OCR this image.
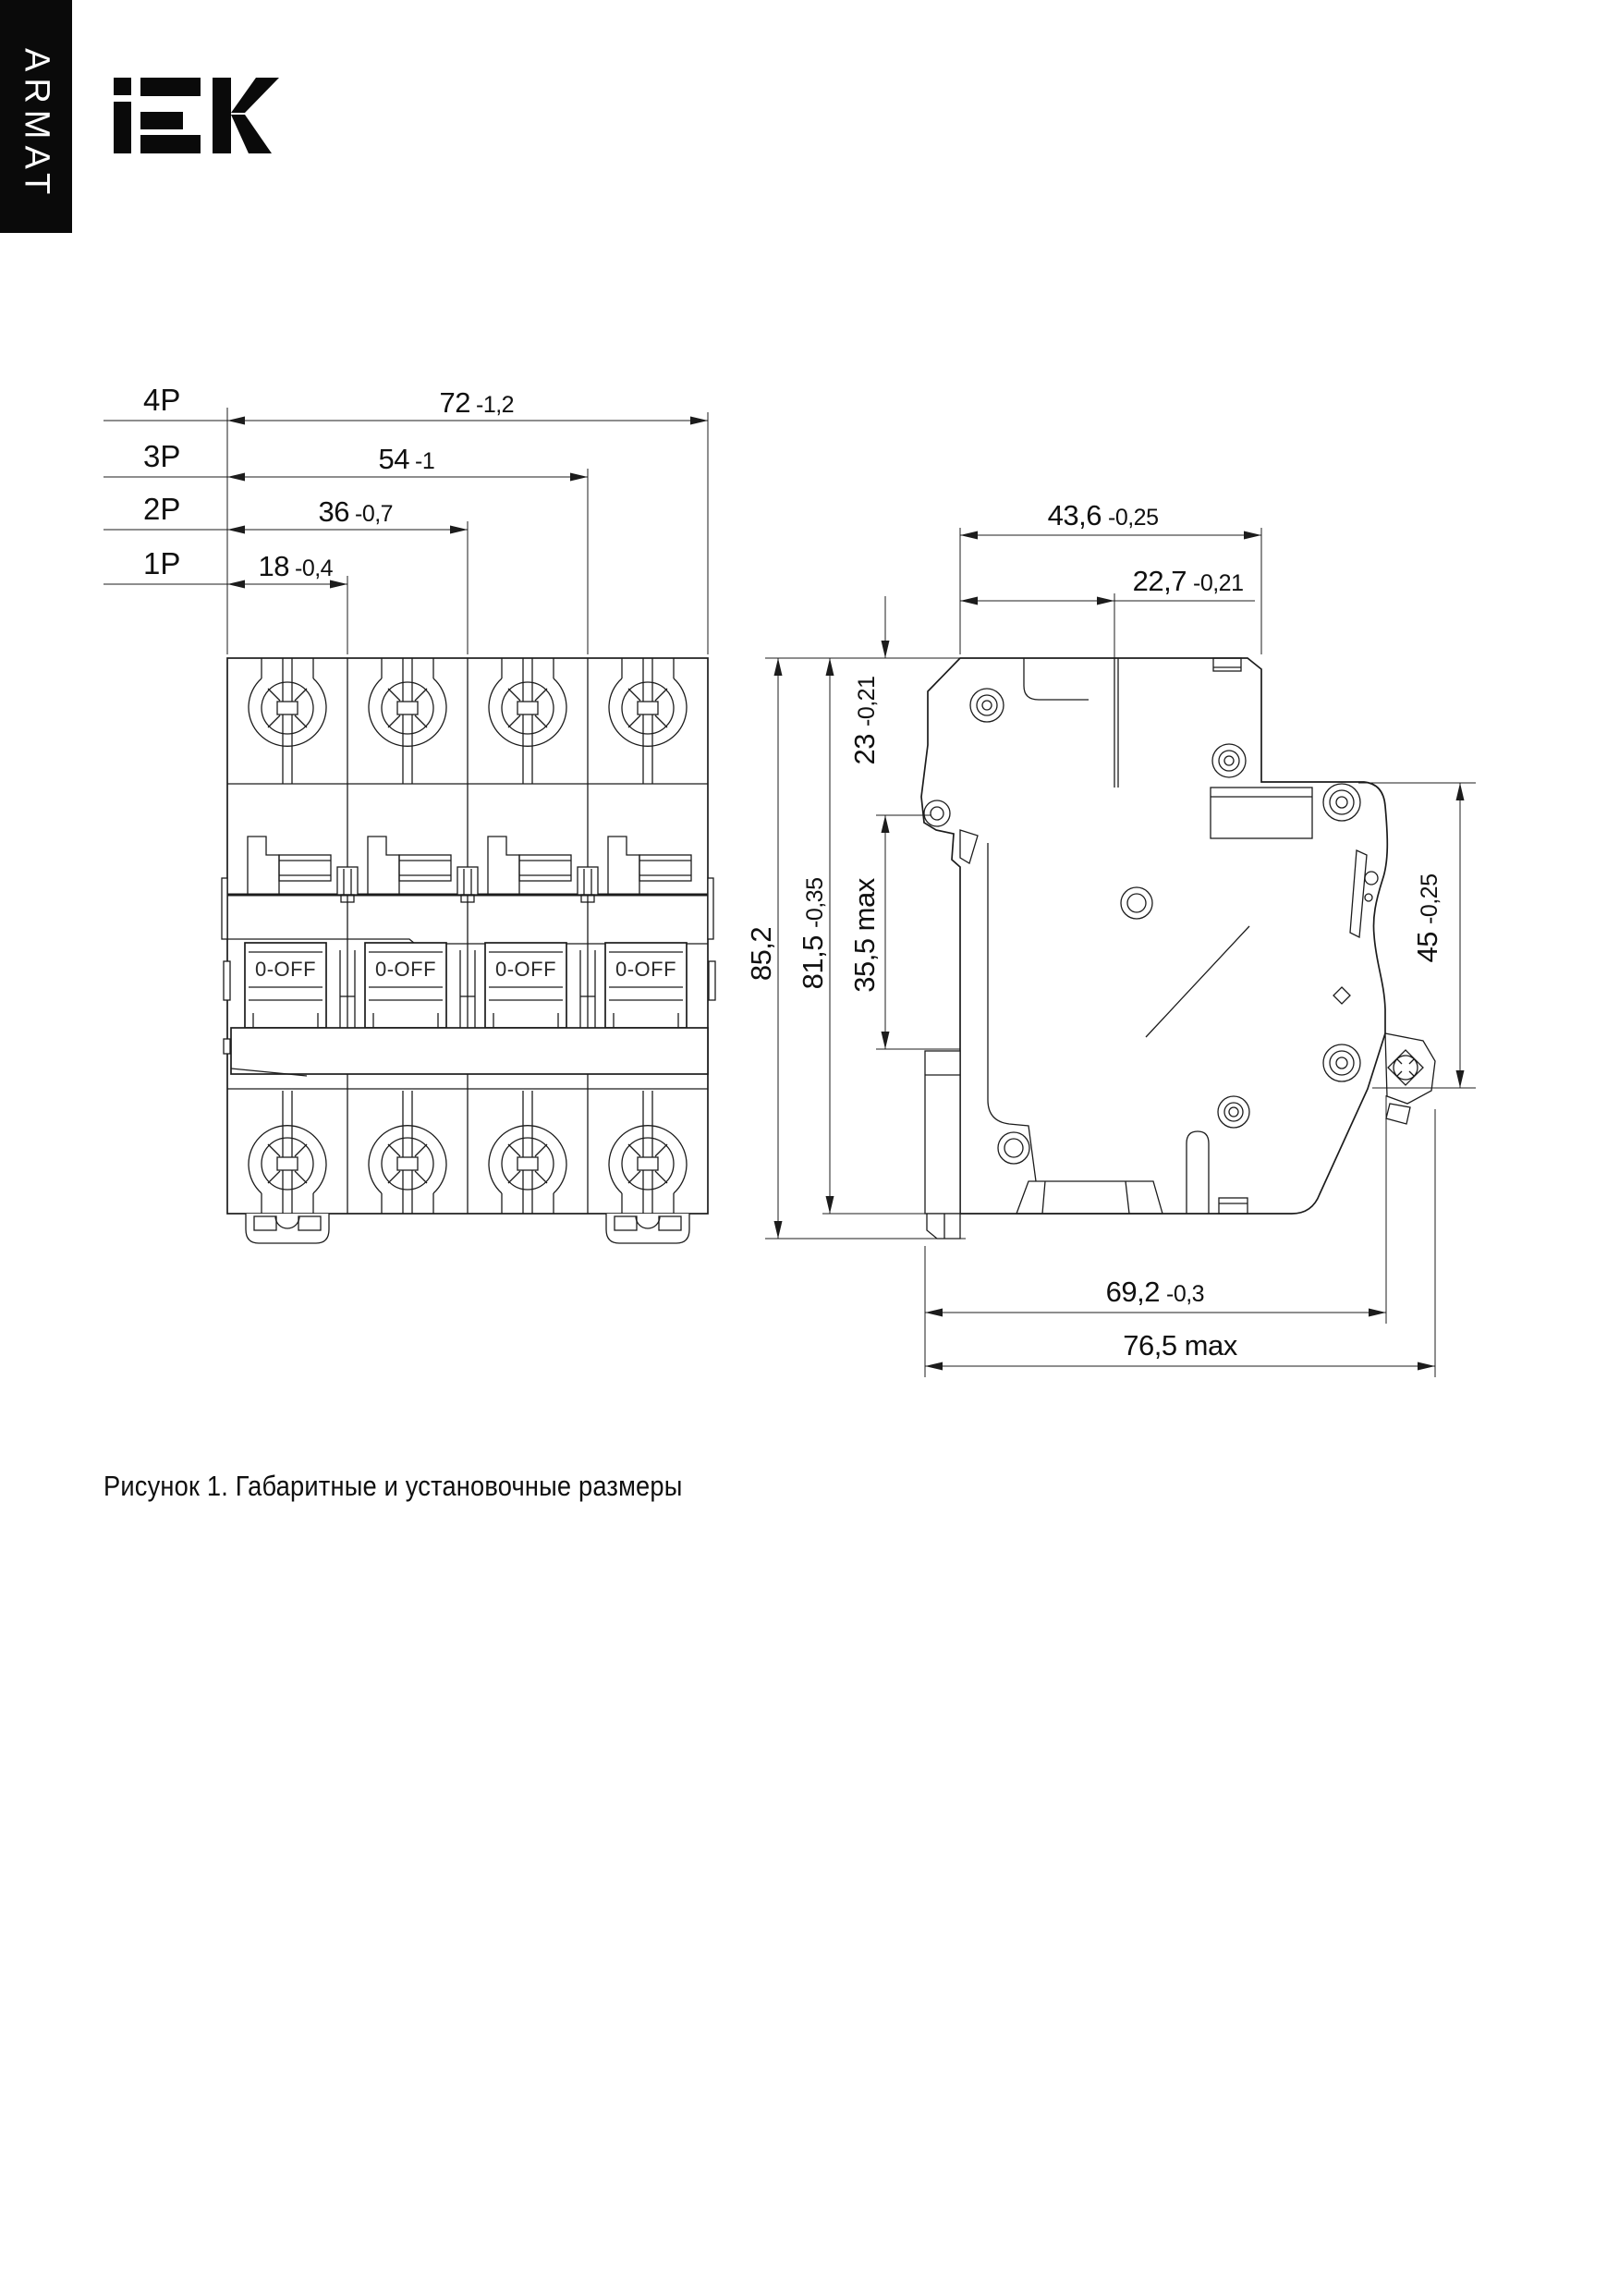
ARMAT
0-OFF	0-OFF	0-OFF	0-OFF
4P
3P
2P
1P
72 -1,2
54 -1
36 -0,7
18 -0,4
43,6 -0,25
22,7 -0,21
69,2 -0,3
76,5 max
85,2 81,5
-0,35
23
-0,21
35,5 max	45
-0,25
Рисунок 1. Габаритные и установочные размеры
